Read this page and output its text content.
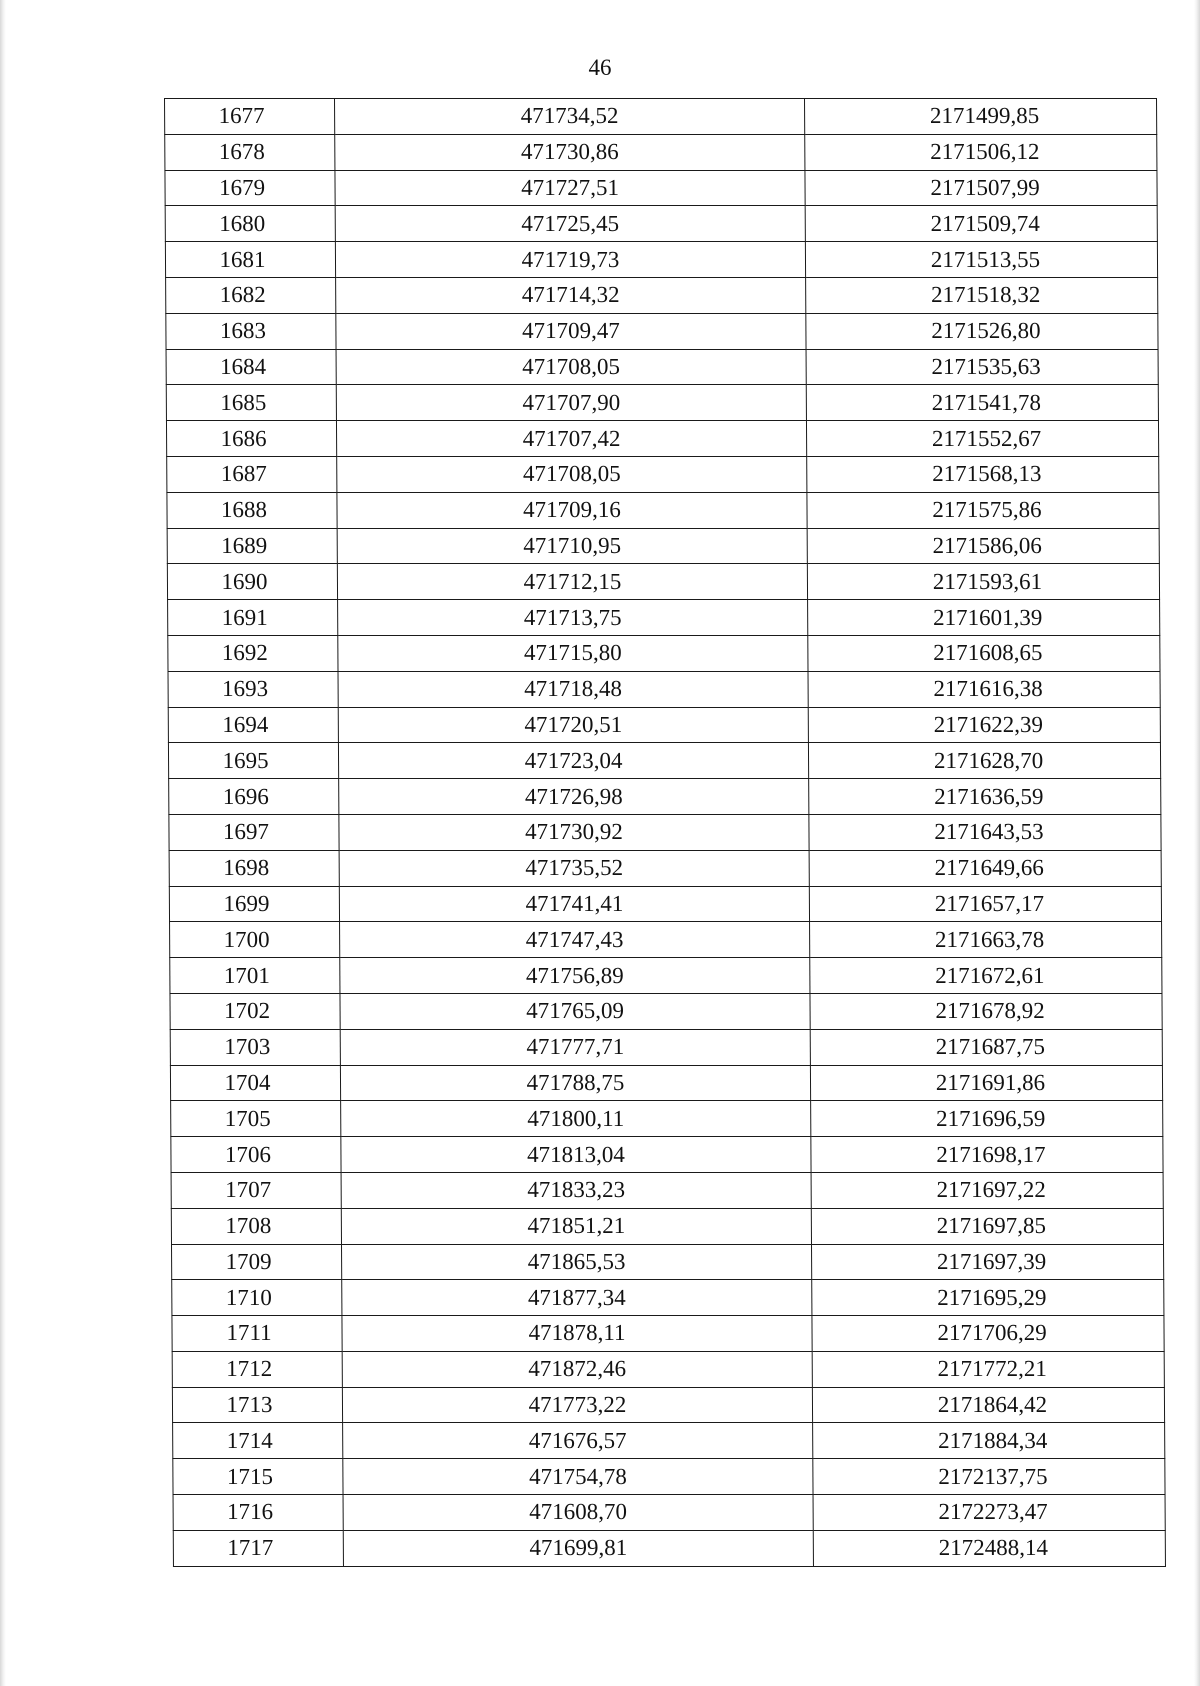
46
1677	471734,52	2171499,85
1678	471730,86	2171506,12
1679	471727,51	2171507,99
1680	471725,45	2171509,74
1681	471719,73	2171513,55
1682	471714,32	2171518,32
1683	471709,47	2171526,80
1684	471708,05	2171535,63
1685	471707,90	2171541,78
1686	471707,42	2171552,67
1687	471708,05	2171568,13
1688	471709,16	2171575,86
1689	471710,95	2171586,06
1690	471712,15	2171593,61
1691	471713,75	2171601,39
1692	471715,80	2171608,65
1693	471718,48	2171616,38
1694	471720,51	2171622,39
1695	471723,04	2171628,70
1696	471726,98	2171636,59
1697	471730,92	2171643,53
1698	471735,52	2171649,66
1699	471741,41	2171657,17
1700	471747,43	2171663,78
1701	471756,89	2171672,61
1702	471765,09	2171678,92
1703	471777,71	2171687,75
1704	471788,75	2171691,86
1705	471800,11	2171696,59
1706	471813,04	2171698,17
1707	471833,23	2171697,22
1708	471851,21	2171697,85
1709	471865,53	2171697,39
1710	471877,34	2171695,29
1711	471878,11	2171706,29
1712	471872,46	2171772,21
1713	471773,22	2171864,42
1714	471676,57	2171884,34
1715	471754,78	2172137,75
1716	471608,70	2172273,47
1717	471699,81	2172488,14
